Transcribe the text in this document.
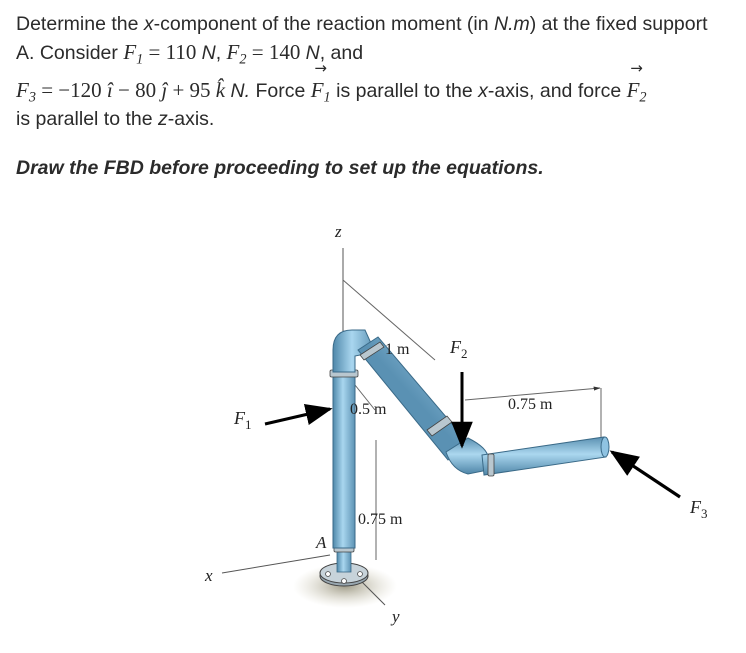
Determine the x-component of the reaction moment (in N.m) at the fixed support
A. Consider $F_1 = 110$ N, $F_2 = 140$ N, and
$F_3 = -120$ î − 80 ĵ + 95 k̂ N. Force → $F_1$ is parallel to the x-axis, and force → $F_2$
is parallel to the z-axis.
Draw the FBD before proceeding to set up the equations.
z
x
y
A
$F_1$
$F_2$
$F_3$
1 m
0.5 m
0.75 m
0.75 m
